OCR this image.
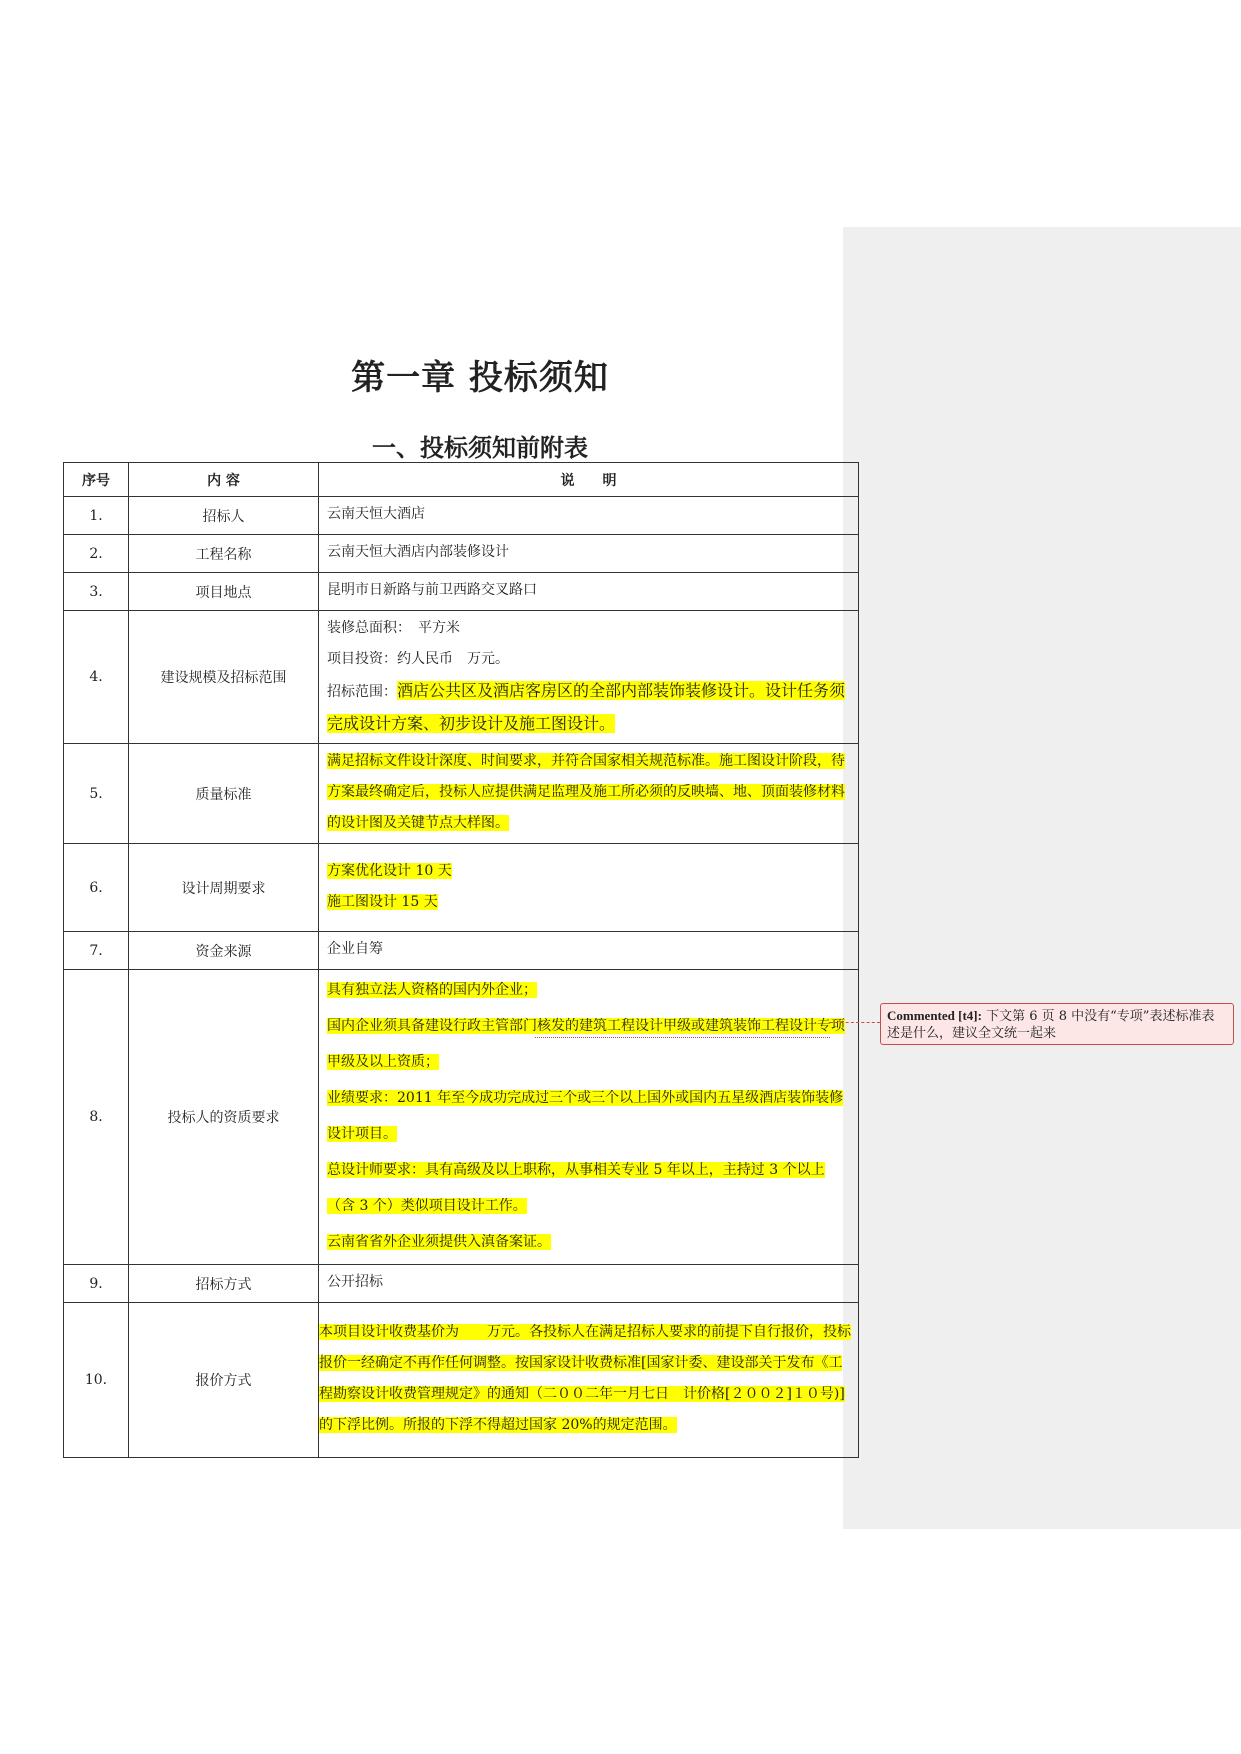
第一章 投标须知
一、投标须知前附表
序号	内 容	说　　明
1.	招标人	云南天恒大酒店
2.	工程名称	云南天恒大酒店内部装修设计
3.	项目地点	昆明市日新路与前卫西路交叉路口
4.	建设规模及招标范围	装修总面积：　平方米
项目投资：约人民币　万元。
招标范围：酒店公共区及酒店客房区的全部内部装饰装修设计。设计任务须完成设计方案、初步设计及施工图设计。

5.	质量标准	满足招标文件设计深度、时间要求，并符合国家相关规范标准。施工图设计阶段，待方案最终确定后，投标人应提供满足监理及施工所必须的反映墙、地、顶面装修材料的设计图及关键节点大样图。
6.	设计周期要求	方案优化设计 10 天
施工图设计 15 天

7.	资金来源	企业自筹
8.	投标人的资质要求	具有独立法人资格的国内外企业；
国内企业须具备建设行政主管部门核发的建筑工程设计甲级或建筑装饰工程设计专项甲级及以上资质；
业绩要求：2011 年至今成功完成过三个或三个以上国外或国内五星级酒店装饰装修设计项目。
总设计师要求：具有高级及以上职称，从事相关专业 5 年以上，主持过 3 个以上（含 3 个）类似项目设计工作。
云南省省外企业须提供入滇备案证。

9.	招标方式	公开招标
10.	报价方式	本项目设计收费基价为　　万元。各投标人在满足招标人要求的前提下自行报价，投标报价一经确定不再作任何调整。按国家设计收费标准[国家计委、建设部关于发布《工程勘察设计收费管理规定》的通知（二００二年一月七日　计价格[２００２]１０号)]的下浮比例。所报的下浮不得超过国家 20%的规定范围。
Commented [t4]: 下文第 6 页 8 中没有“专项”表述标准表述是什么，建议全文统一起来
